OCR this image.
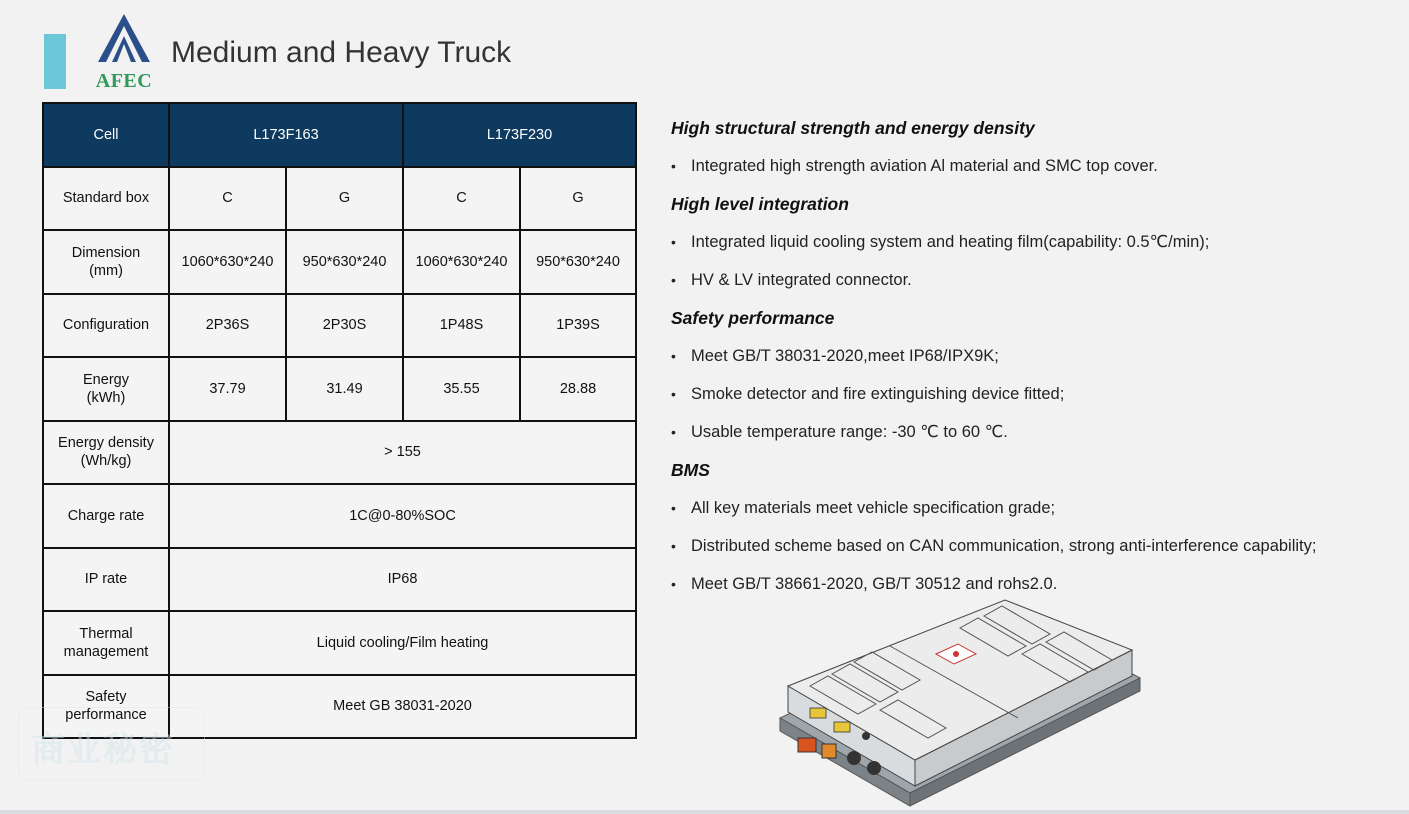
AFEC
Medium and Heavy Truck
Cell	L173F163		L173F230	
Standard box	C	G	C	G
Dimension (mm)	1060*630*240	950*630*240	1060*630*240	950*630*240
Configuration	2P36S	2P30S	1P48S	1P39S
Energy (kWh)	37.79	31.49	35.55	28.88
Energy density (Wh/kg)	> 155			
Charge rate	1C@0-80%SOC			
IP rate	IP68			
Thermal management	Liquid cooling/Film heating			
Safety performance	Meet GB 38031-2020			
High structural strength and energy density
• Integrated high strength aviation Al material and SMC top cover.
High level integration
• Integrated liquid cooling system and heating film(capability: 0.5℃/min);
• HV & LV integrated connector.
Safety performance
• Meet GB/T 38031-2020,meet IP68/IPX9K;
• Smoke detector and fire extinguishing device fitted;
• Usable temperature range: -30 ℃ to 60 ℃.
BMS
• All key materials meet vehicle specification grade;
• Distributed scheme based on CAN communication, strong anti-interference capability;
• Meet GB/T 38661-2020, GB/T 30512 and rohs2.0.
商业秘密
